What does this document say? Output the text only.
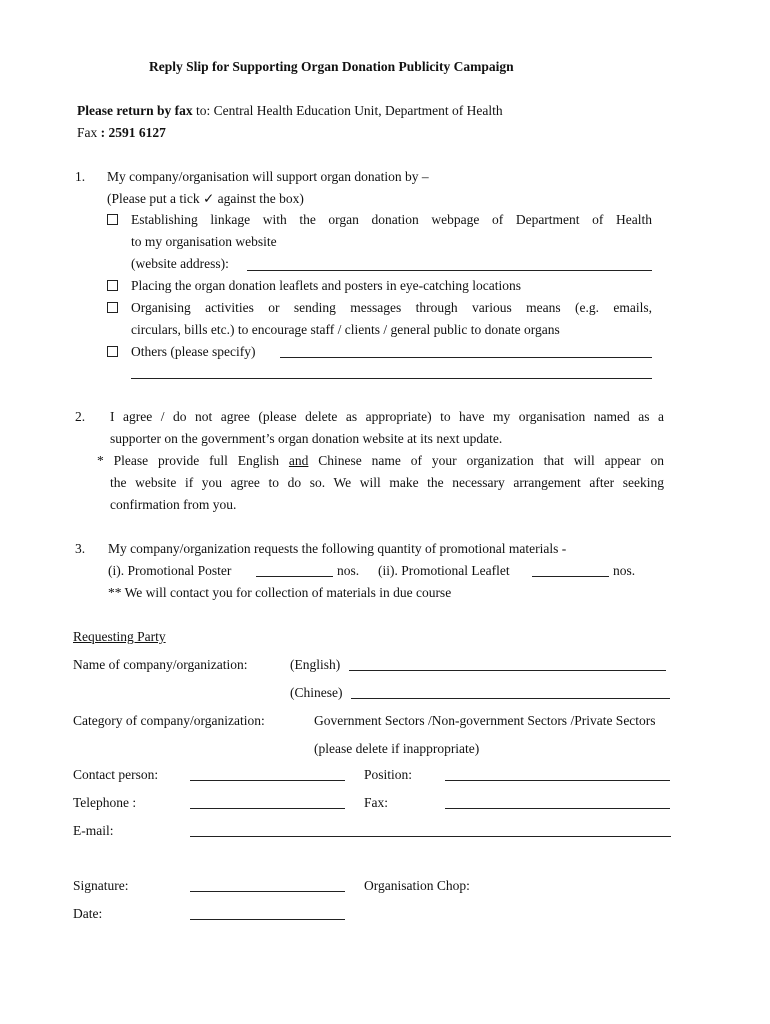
Reply Slip for Supporting Organ Donation Publicity Campaign
Please return by fax to: Central Health Education Unit, Department of Health
Fax : 2591 6127
1. My company/organisation will support organ donation by –
(Please put a tick ✓ against the box)
Establishing linkage with the organ donation webpage of Department of Health
to my organisation website
(website address):
Placing the organ donation leaflets and posters in eye-catching locations
Organising activities or sending messages through various means (e.g. emails,
circulars, bills etc.) to encourage staff / clients / general public to donate organs
Others (please specify)
2. I agree / do not agree (please delete as appropriate) to have my organisation named as a
supporter on the government’s organ donation website at its next update.
* Please provide full English and Chinese name of your organization that will appear on
the website if you agree to do so. We will make the necessary arrangement after seeking
confirmation from you.
3. My company/organization requests the following quantity of promotional materials -
(i). Promotional Poster	nos. (ii). Promotional Leaflet	nos.
** We will contact you for collection of materials in due course
Requesting Party
Name of company/organization:	(English)
(Chinese)
Category of company/organization:	Government Sectors /Non-government Sectors /Private Sectors
(please delete if inappropriate)
Contact person:	Position:
Telephone :	Fax:
E-mail:
Signature:	Organisation Chop:
Date:
